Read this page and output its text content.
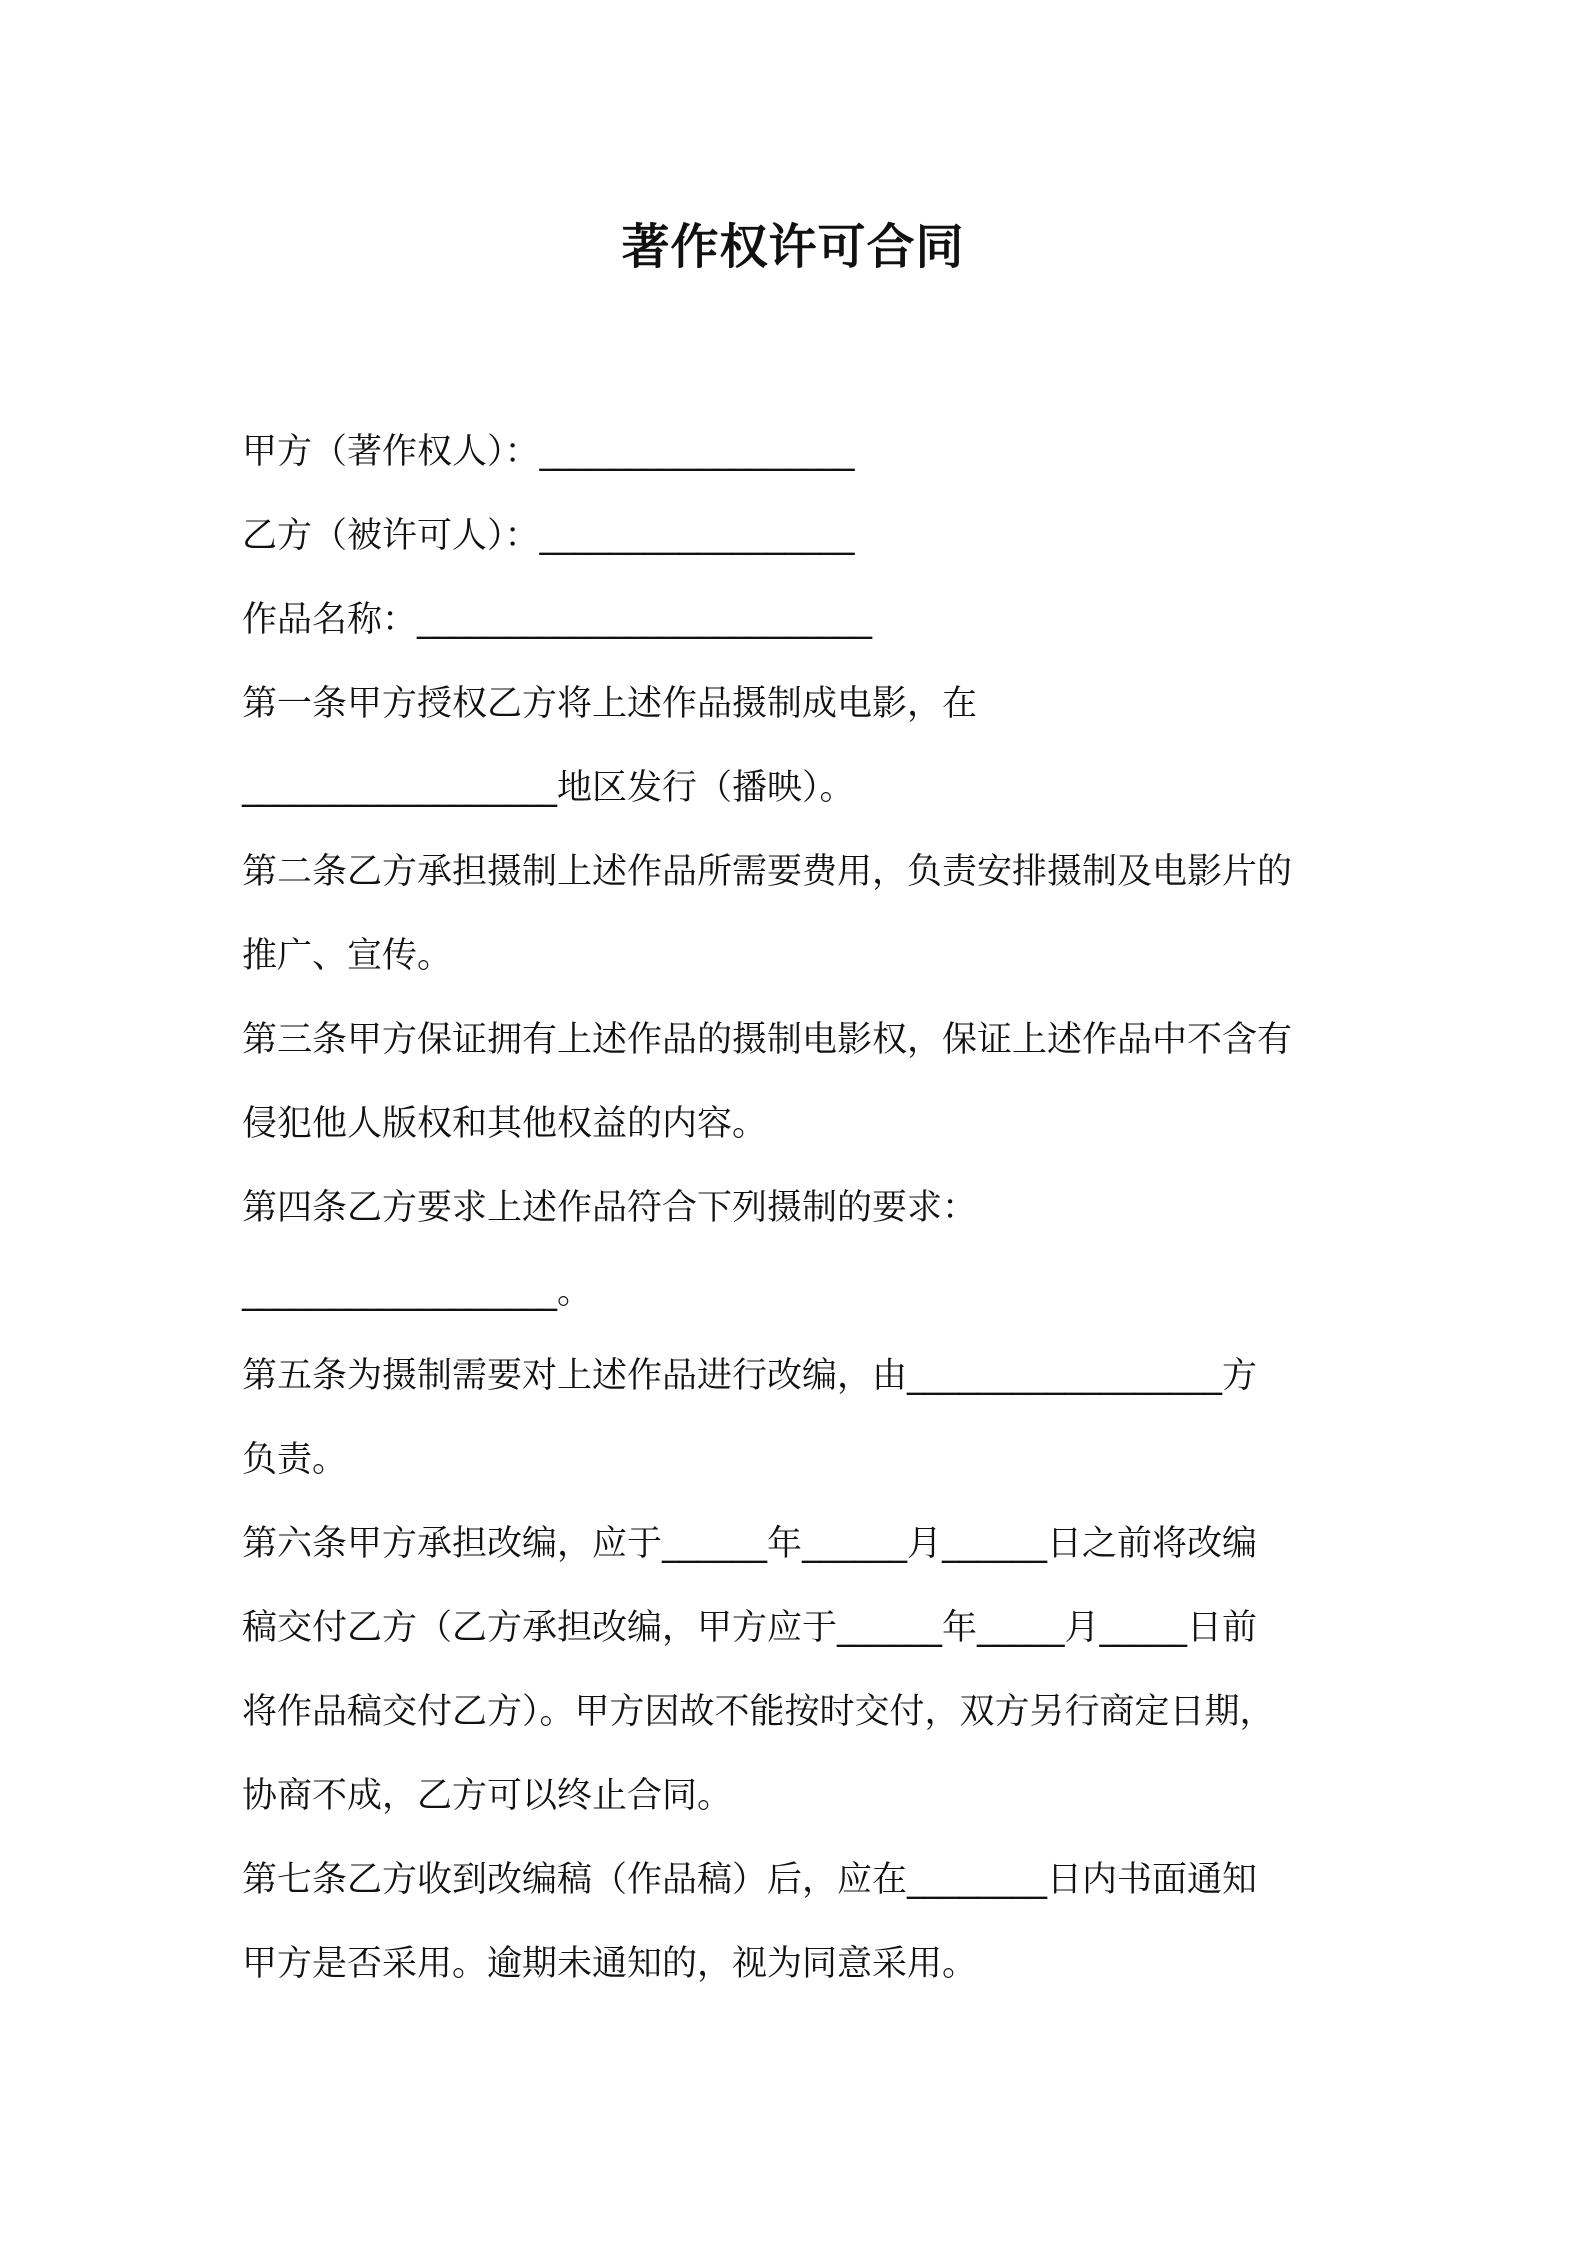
著作权许可合同
甲方（著作权人）：__________________
乙方（被许可人）：__________________
作品名称：__________________________
第一条甲方授权乙方将上述作品摄制成电影，在
__________________地区发行（播映）。
第二条乙方承担摄制上述作品所需要费用，负责安排摄制及电影片的
推广、宣传。
第三条甲方保证拥有上述作品的摄制电影权，保证上述作品中不含有
侵犯他人版权和其他权益的内容。
第四条乙方要求上述作品符合下列摄制的要求：
__________________。
第五条为摄制需要对上述作品进行改编，由__________________方
负责。
第六条甲方承担改编，应于______年______月______日之前将改编
稿交付乙方（乙方承担改编，甲方应于______年_____月_____日前
将作品稿交付乙方）。甲方因故不能按时交付，双方另行商定日期，
协商不成，乙方可以终止合同。
第七条乙方收到改编稿（作品稿）后，应在________日内书面通知
甲方是否采用。逾期未通知的，视为同意采用。
